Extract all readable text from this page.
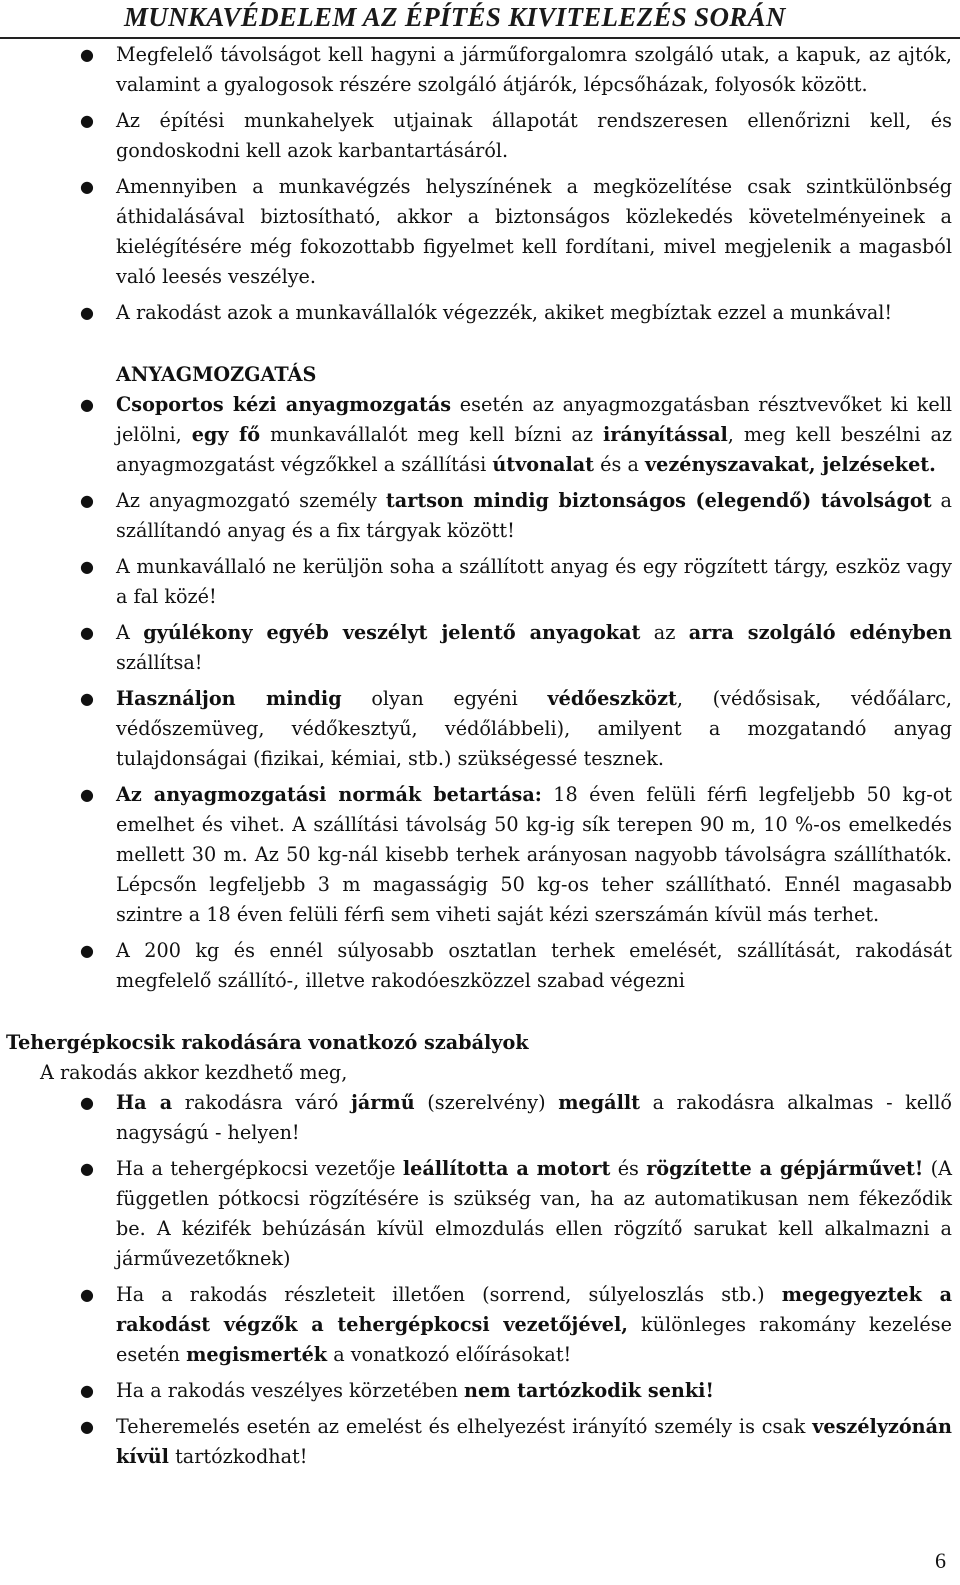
MUNKAVÉDELEM AZ ÉPÍTÉS KIVITELEZÉS SORÁN
● Megfelelő távolságot kell hagyni a járműforgalomra szolgáló utak, a kapuk, az ajtók, valamint a gyalogosok részére szolgáló átjárók, lépcsőházak, folyosók között.
● Az építési munkahelyek utjainak állapotát rendszeresen ellenőrizni kell, és gondoskodni kell azok karbantartásáról.
● Amennyiben a munkavégzés helyszínének a megközelítése csak szintkülönbség áthidalásával biztosítható, akkor a biztonságos közlekedés követelményeinek a kielégítésére még fokozottabb figyelmet kell fordítani, mivel megjelenik a magasból való leesés veszélye.
● A rakodást azok a munkavállalók végezzék, akiket megbíztak ezzel a munkával!
ANYAGMOZGATÁS
● Csoportos kézi anyagmozgatás esetén az anyagmozgatásban résztvevőket ki kell jelölni, egy fő munkavállalót meg kell bízni az irányítással, meg kell beszélni az anyagmozgatást végzőkkel a szállítási útvonalat és a vezényszavakat, jelzéseket.
● Az anyagmozgató személy tartson mindig biztonságos (elegendő) távolságot a szállítandó anyag és a fix tárgyak között!
● A munkavállaló ne kerüljön soha a szállított anyag és egy rögzített tárgy, eszköz vagy a fal közé!
● A gyúlékony egyéb veszélyt jelentő anyagokat az arra szolgáló edényben szállítsa!
● Használjon mindig olyan egyéni védőeszközt, (védősisak, védőálarc, védőszemüveg, védőkesztyű, védőlábbeli), amilyent a mozgatandó anyag tulajdonságai (fizikai, kémiai, stb.) szükségessé tesznek.
● Az anyagmozgatási normák betartása: 18 éven felüli férfi legfeljebb 50 kg-ot emelhet és vihet. A szállítási távolság 50 kg-ig sík terepen 90 m, 10 %-os emelkedés mellett 30 m. Az 50 kg-nál kisebb terhek arányosan nagyobb távolságra szállíthatók. Lépcsőn legfeljebb 3 m magasságig 50 kg-os teher szállítható. Ennél magasabb szintre a 18 éven felüli férfi sem viheti saját kézi szerszámán kívül más terhet.
● A 200 kg és ennél súlyosabb osztatlan terhek emelését, szállítását, rakodását megfelelő szállító-, illetve rakodóeszközzel szabad végezni
Tehergépkocsik rakodására vonatkozó szabályok
A rakodás akkor kezdhető meg,
● Ha a rakodásra váró jármű (szerelvény) megállt a rakodásra alkalmas - kellő nagyságú - helyen!
● Ha a tehergépkocsi vezetője leállította a motort és rögzítette a gépjárművet! (A független pótkocsi rögzítésére is szükség van, ha az automatikusan nem fékeződik be. A kézifék behúzásán kívül elmozdulás ellen rögzítő sarukat kell alkalmazni a járművezetőknek)
● Ha a rakodás részleteit illetően (sorrend, súlyeloszlás stb.) megegyeztek a rakodást végzők a tehergépkocsi vezetőjével, különleges rakomány kezelése esetén megismerték a vonatkozó előírásokat!
● Ha a rakodás veszélyes körzetében nem tartózkodik senki!
● Teheremelés esetén az emelést és elhelyezést irányító személy is csak veszélyzónán kívül tartózkodhat!
6
